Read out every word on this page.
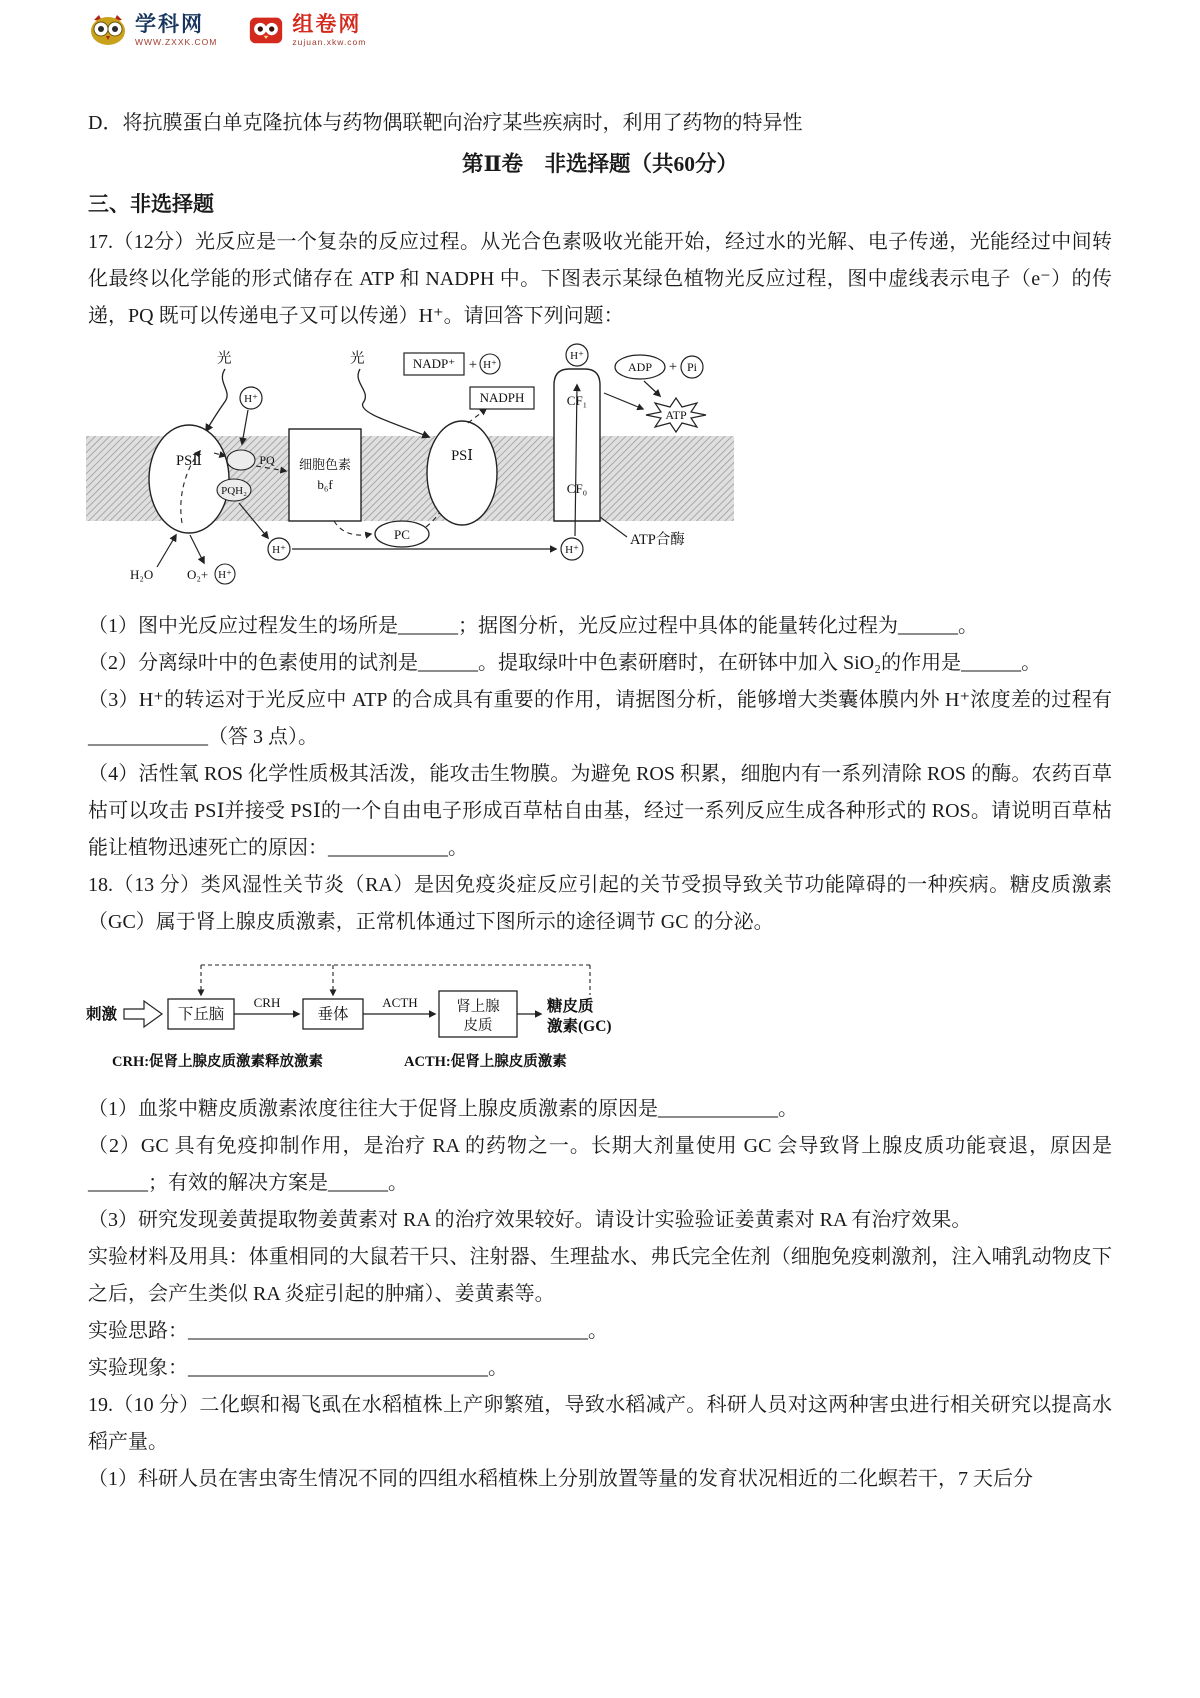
学科网
WWW.ZXXK.COM
组卷网
zujuan.xkw.com

D．将抗膜蛋白单克隆抗体与药物偶联靶向治疗某些疾病时，利用了药物的特异性

第Ⅱ卷　非选择题（共60分）

三、非选择题

17.（12分）光反应是一个复杂的反应过程。从光合色素吸收光能开始，经过水的光解、电子传递，光能经过中间转化最终以化学能的形式储存在 ATP 和 NADPH 中。下图表示某绿色植物光反应过程，图中虚线表示电子（e⁻）的传递，PQ 既可以传递电子又可以传递）H⁺。请回答下列问题：

光	光
H⁺
PSⅡ	PQ
PQH₂
细胞色素
b₆f
PC
PSⅠ
NADP⁺ + H⁺
NADPH	CF₁
CF₀
H⁺
H⁺	H⁺
ADP + Pi
ATP
ATP合酶
H₂O	O₂+ H⁺

（1）图中光反应过程发生的场所是______；据图分析，光反应过程中具体的能量转化过程为______。

（2）分离绿叶中的色素使用的试剂是______。提取绿叶中色素研磨时，在研钵中加入 SiO₂的作用是______。

（3）H⁺的转运对于光反应中 ATP 的合成具有重要的作用，请据图分析，能够增大类囊体膜内外 H⁺浓度差的过程有____________（答 3 点）。

（4）活性氧 ROS 化学性质极其活泼，能攻击生物膜。为避免 ROS 积累，细胞内有一系列清除 ROS 的酶。农药百草枯可以攻击 PSⅠ并接受 PSⅠ的一个自由电子形成百草枯自由基，经过一系列反应生成各种形式的 ROS。请说明百草枯能让植物迅速死亡的原因：____________。

18.（13 分）类风湿性关节炎（RA）是因免疫炎症反应引起的关节受损导致关节功能障碍的一种疾病。糖皮质激素（GC）属于肾上腺皮质激素，正常机体通过下图所示的途径调节 GC 的分泌。

刺激	下丘脑
CRH
垂体
ACTH	肾上腺
皮质
糖皮质
激素(GC)
CRH:促肾上腺皮质激素释放激素	ACTH:促肾上腺皮质激素

（1）血浆中糖皮质激素浓度往往大于促肾上腺皮质激素的原因是____________。

（2）GC 具有免疫抑制作用，是治疗 RA 的药物之一。长期大剂量使用 GC 会导致肾上腺皮质功能衰退，原因是______；有效的解决方案是______。

（3）研究发现姜黄提取物姜黄素对 RA 的治疗效果较好。请设计实验验证姜黄素对 RA 有治疗效果。

实验材料及用具：体重相同的大鼠若干只、注射器、生理盐水、弗氏完全佐剂（细胞免疫刺激剂，注入哺乳动物皮下之后，会产生类似 RA 炎症引起的肿痛）、姜黄素等。

实验思路：________________________________________。

实验现象：______________________________。

19.（10 分）二化螟和褐飞虱在水稻植株上产卵繁殖，导致水稻减产。科研人员对这两种害虫进行相关研究以提高水稻产量。

（1）科研人员在害虫寄生情况不同的四组水稻植株上分别放置等量的发育状况相近的二化螟若干，7 天后分
